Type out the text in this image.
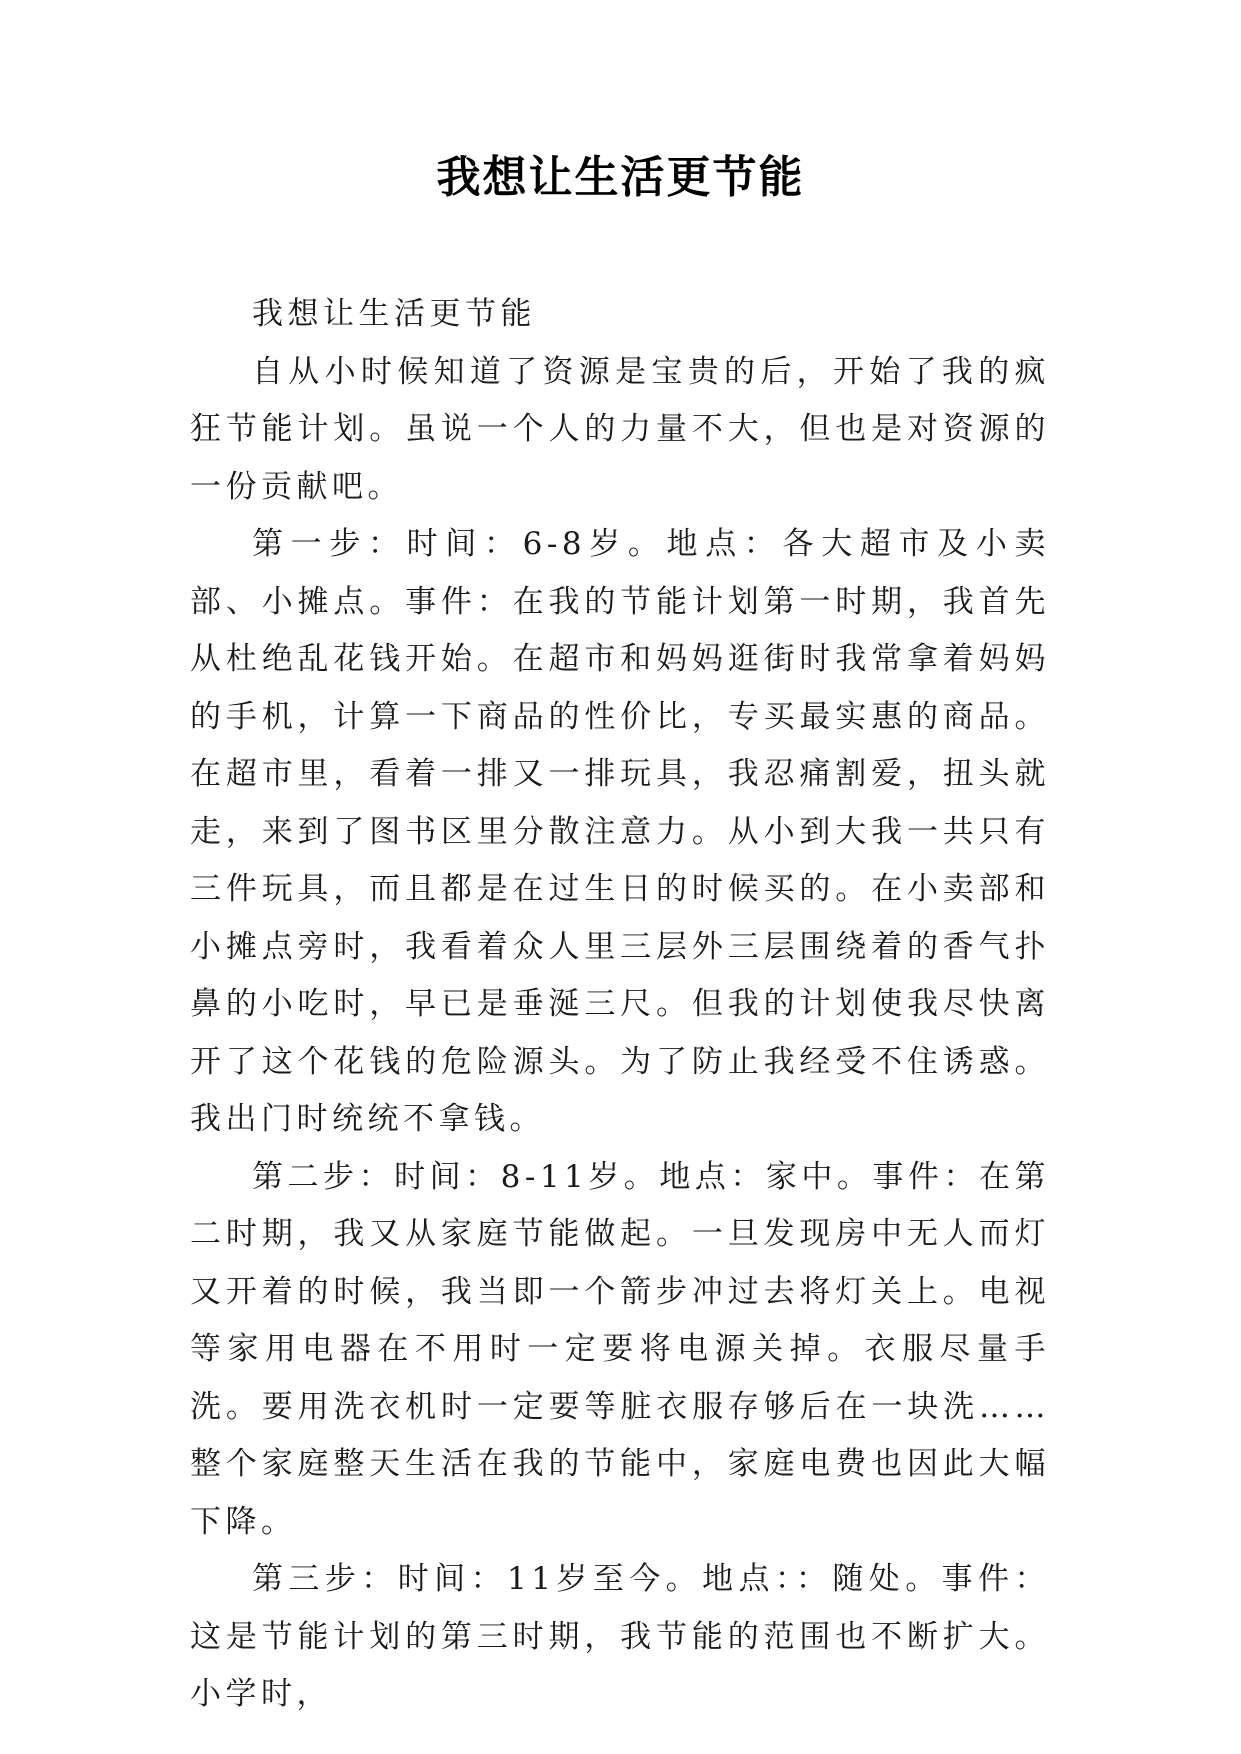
我想让生活更节能

我想让生活更节能

自从小时候知道了资源是宝贵的后，开始了我的疯狂节能计划。虽说一个人的力量不大，但也是对资源的一份贡献吧。

第一步：时间：6-8岁。地点：各大超市及小卖部、小摊点。事件：在我的节能计划第一时期，我首先从杜绝乱花钱开始。在超市和妈妈逛街时我常拿着妈妈的手机，计算一下商品的性价比，专买最实惠的商品。在超市里，看着一排又一排玩具，我忍痛割爱，扭头就走，来到了图书区里分散注意力。从小到大我一共只有三件玩具，而且都是在过生日的时候买的。在小卖部和小摊点旁时，我看着众人里三层外三层围绕着的香气扑鼻的小吃时，早已是垂涎三尺。但我的计划使我尽快离开了这个花钱的危险源头。为了防止我经受不住诱惑。我出门时统统不拿钱。

第二步：时间：8-11岁。地点：家中。事件：在第二时期，我又从家庭节能做起。一旦发现房中无人而灯又开着的时候，我当即一个箭步冲过去将灯关上。电视等家用电器在不用时一定要将电源关掉。衣服尽量手洗。要用洗衣机时一定要等脏衣服存够后在一块洗……整个家庭整天生活在我的节能中，家庭电费也因此大幅下降。

第三步：时间：11岁至今。地点：：随处。事件：这是节能计划的第三时期，我节能的范围也不断扩大。小学时，
